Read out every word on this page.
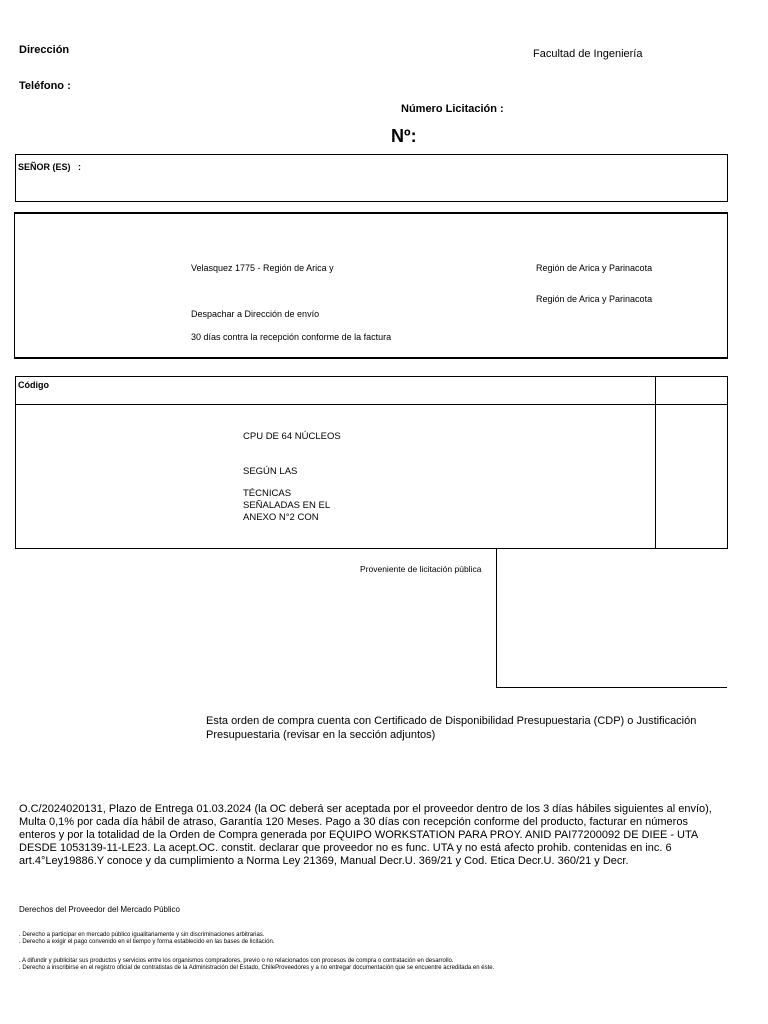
Dirección	Facultad de Ingeniería
Teléfono :
Número Licitación :
Nº:
SEÑOR (ES)   :
Velasquez 1775 - Región de Arica y	Región de Arica y Parinacota
Región de Arica y Parinacota
Despachar a Dirección de envío
30 días contra la recepción conforme de la factura
Código
CPU DE 64 NÚCLEOS
SEGÚN LAS
TÉCNICAS
SEÑALADAS EN EL
ANEXO N°2 CON
Proveniente de licitación pública
Esta orden de compra cuenta con Certificado de Disponibilidad Presupuestaria (CDP) o Justificación Presupuestaria (revisar en la sección adjuntos)
O.C/2024020131, Plazo de Entrega 01.03.2024 (la OC deberá ser aceptada por el proveedor dentro de los 3 días hábiles siguientes al envío), Multa 0,1% por cada día hábil de atraso, Garantía 120 Meses. Pago a 30 días con recepción conforme del producto, facturar en números enteros y por la totalidad de la Orden de Compra generada por EQUIPO WORKSTATION PARA PROY. ANID PAI77200092 DE DIEE - UTA DESDE 1053139-11-LE23. La acept.OC. constit. declarar que proveedor no es func. UTA y no está afecto prohib. contenidas en inc. 6 art.4°Ley19886.Y conoce y da cumplimiento a Norma Ley 21369, Manual Decr.U. 369/21 y Cod. Etica Decr.U. 360/21 y Decr.
Derechos del Proveedor del Mercado Público
. Derecho a participar en mercado público igualitariamente y sin discriminaciones arbitrarias.
. Derecho a exigir el pago convenido en el tiempo y forma establecido en las bases de licitación.
. A difundir y publicitar sus productos y servicios entre los organismos compradores, previo o no relacionados con procesos de compra o contratación en desarrollo.
. Derecho a inscribirse en el registro oficial de contratistas de la Administración del Estado, ChileProveedores y a no entregar documentación que se encuentre acreditada en éste.
